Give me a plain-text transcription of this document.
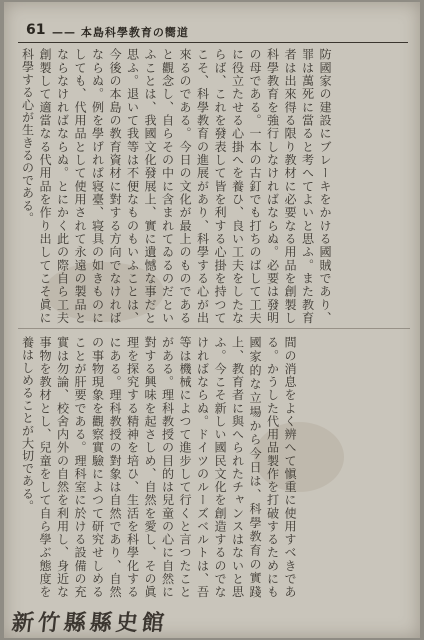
61 —— 本島科學教育の嚮道
防國家の建設にブレーキをかける國賊であり、罪は萬死に當ると考へてよいと思ふ。また教育者は出來得る限り教材に必要なる用品を創製し科學教育を強行しなければならぬ。必要は發明の母である。一本の古釘でも打ちのばして工夫に役立たせる心掛へを養ひ、良い工夫をしたならば、これを發表して皆を利する心掛を持つてこそ、科學教育の進展があり、科學する心が出來るのである。今日の文化が最上のものであると觀念し、自らその中に含まれてゐるのだといふことは、我國文化發展上、實に遺憾な事だと思ふ。退いて我等は不便なものもいふことは、今後の本島の教育資材に對する方向でなければならぬ。例を學げれば寝臺、寝具の如きものにしても、代用品として使用されて永遠の製品とならなければならぬ。とにかく此の際自ら工夫創製して適當なる代用品を作り出してこそ眞に科學する心が生きるのである。
間の消息をよく辨へて愼重に使用すべきである。かうした代用品製作を打破するためにも國家的な立場から今日は、科學教育の實踐上、教育者に與へられたチャンスはないと思ふ。今こそ新しい國民文化を創造するのでなければならぬ。ドイツのルーズベルトは、吾等は機械によつて進步して行くと言つたことがある。理科教授の目的は兒童の心に自然に對する興味を起さしめ、自然を愛し、その眞理を探究する精神を培ひ、生活を科學化するにある。理科教授の對象は自然であり、自然の事物現象を觀察實驗によつて研究せしめることが肝要である。理科室に於ける設備の充實は勿論、校舍内外の自然を利用し、身近な事物を教材とし、兒童をして自ら學ぶ態度を養はしめることが大切である。
新竹縣縣史館
